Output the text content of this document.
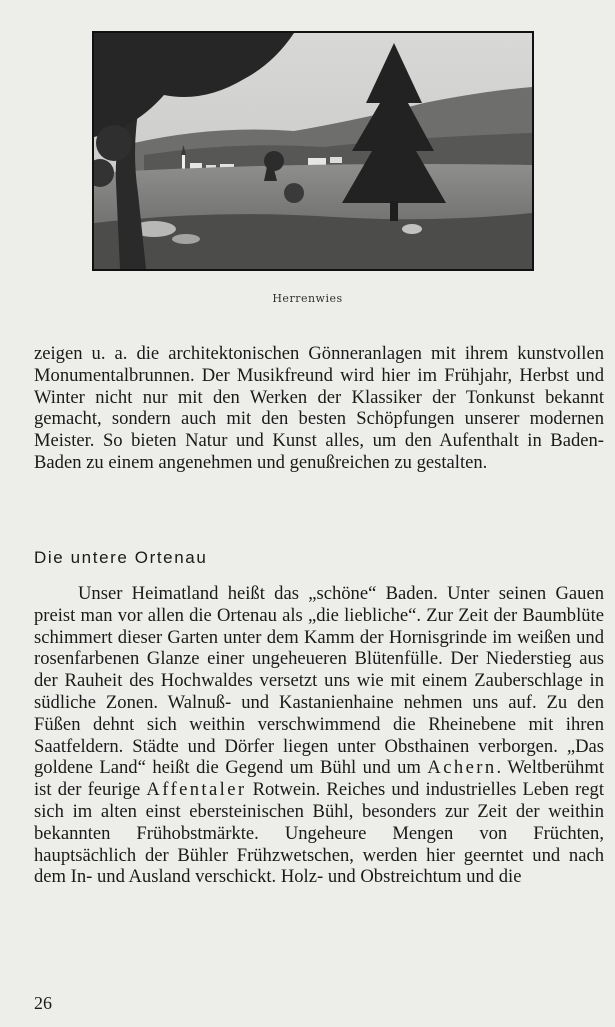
Herrenwies

zeigen u. a. die architektonischen Gönneranlagen mit ihrem kunstvollen Monumentalbrunnen. Der Musikfreund wird hier im Frühjahr, Herbst und Winter nicht nur mit den Werken der Klassiker der Tonkunst bekannt gemacht, sondern auch mit den besten Schöpfungen unserer modernen Meister. So bieten Natur und Kunst alles, um den Aufenthalt in Baden-Baden zu einem angenehmen und genußreichen zu gestalten.

Die untere Ortenau

Unser Heimatland heißt das „schöne“ Baden. Unter seinen Gauen preist man vor allen die Ortenau als „die liebliche“. Zur Zeit der Baumblüte schimmert dieser Garten unter dem Kamm der Hornisgrinde im weißen und rosenfarbenen Glanze einer ungeheueren Blütenfülle. Der Niederstieg aus der Rauheit des Hochwaldes versetzt uns wie mit einem Zauberschlage in südliche Zonen. Walnuß- und Kastanienhaine nehmen uns auf. Zu den Füßen dehnt sich weithin verschwimmend die Rheinebene mit ihren Saatfeldern. Städte und Dörfer liegen unter Obsthainen verborgen. „Das goldene Land“ heißt die Gegend um Bühl und um Achern. Weltberühmt ist der feurige Affentaler Rotwein. Reiches und industrielles Leben regt sich im alten einst ebersteinischen Bühl, besonders zur Zeit der weithin bekannten Frühobstmärkte. Ungeheure Mengen von Früchten, hauptsächlich der Bühler Frühzwetschen, werden hier geerntet und nach dem In- und Ausland verschickt. Holz- und Obstreichtum und die

26
